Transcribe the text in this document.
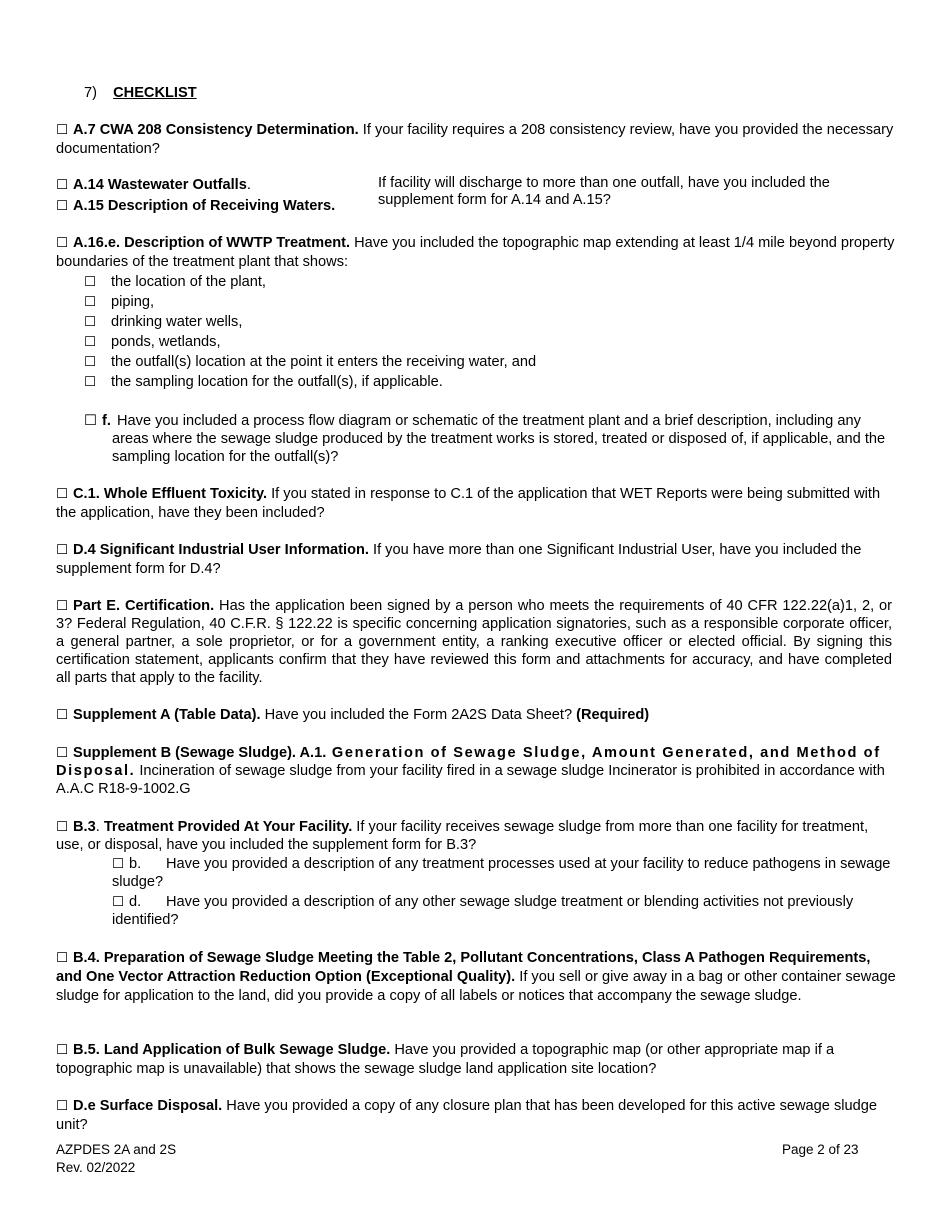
7) CHECKLIST
☐ A.7 CWA 208 Consistency Determination. If your facility requires a 208 consistency review, have you provided the necessary documentation?
☐ A.14 Wastewater Outfalls.
☐ A.15 Description of Receiving Waters.
If facility will discharge to more than one outfall, have you included the supplement form for A.14 and A.15?
☐ A.16.e. Description of WWTP Treatment. Have you included the topographic map extending at least 1/4 mile beyond property boundaries of the treatment plant that shows:
☐ the location of the plant,
☐ piping,
☐ drinking water wells,
☐ ponds, wetlands,
☐ the outfall(s) location at the point it enters the receiving water, and
☐ the sampling location for the outfall(s), if applicable.
☐ f. Have you included a process flow diagram or schematic of the treatment plant and a brief description, including any areas where the sewage sludge produced by the treatment works is stored, treated or disposed of, if applicable, and the sampling location for the outfall(s)?
☐ C.1. Whole Effluent Toxicity. If you stated in response to C.1 of the application that WET Reports were being submitted with the application, have they been included?
☐ D.4 Significant Industrial User Information. If you have more than one Significant Industrial User, have you included the supplement form for D.4?
☐ Part E. Certification. Has the application been signed by a person who meets the requirements of 40 CFR 122.22(a)1, 2, or 3? Federal Regulation, 40 C.F.R. § 122.22 is specific concerning application signatories, such as a responsible corporate officer, a general partner, a sole proprietor, or for a government entity, a ranking executive officer or elected official. By signing this certification statement, applicants confirm that they have reviewed this form and attachments for accuracy, and have completed all parts that apply to the facility.
☐ Supplement A (Table Data). Have you included the Form 2A2S Data Sheet? (Required)
☐ Supplement B (Sewage Sludge). A.1. Generation of Sewage Sludge, Amount Generated, and Method of
Disposal. Incineration of sewage sludge from your facility fired in a sewage sludge Incinerator is prohibited in accordance with A.A.C R18-9-1002.G
☐ B.3. Treatment Provided At Your Facility. If your facility receives sewage sludge from more than one facility for treatment, use, or disposal, have you included the supplement form for B.3?
☐ b. Have you provided a description of any treatment processes used at your facility to reduce pathogens in sewage sludge?
☐ d. Have you provided a description of any other sewage sludge treatment or blending activities not previously identified?
☐ B.4. Preparation of Sewage Sludge Meeting the Table 2, Pollutant Concentrations, Class A Pathogen Requirements, and One Vector Attraction Reduction Option (Exceptional Quality). If you sell or give away in a bag or other container sewage sludge for application to the land, did you provide a copy of all labels or notices that accompany the sewage sludge.
☐ B.5. Land Application of Bulk Sewage Sludge. Have you provided a topographic map (or other appropriate map if a topographic map is unavailable) that shows the sewage sludge land application site location?
☐ D.e Surface Disposal. Have you provided a copy of any closure plan that has been developed for this active sewage sludge unit?
AZPDES 2A and 2S
Rev. 02/2022
Page 2 of 23
